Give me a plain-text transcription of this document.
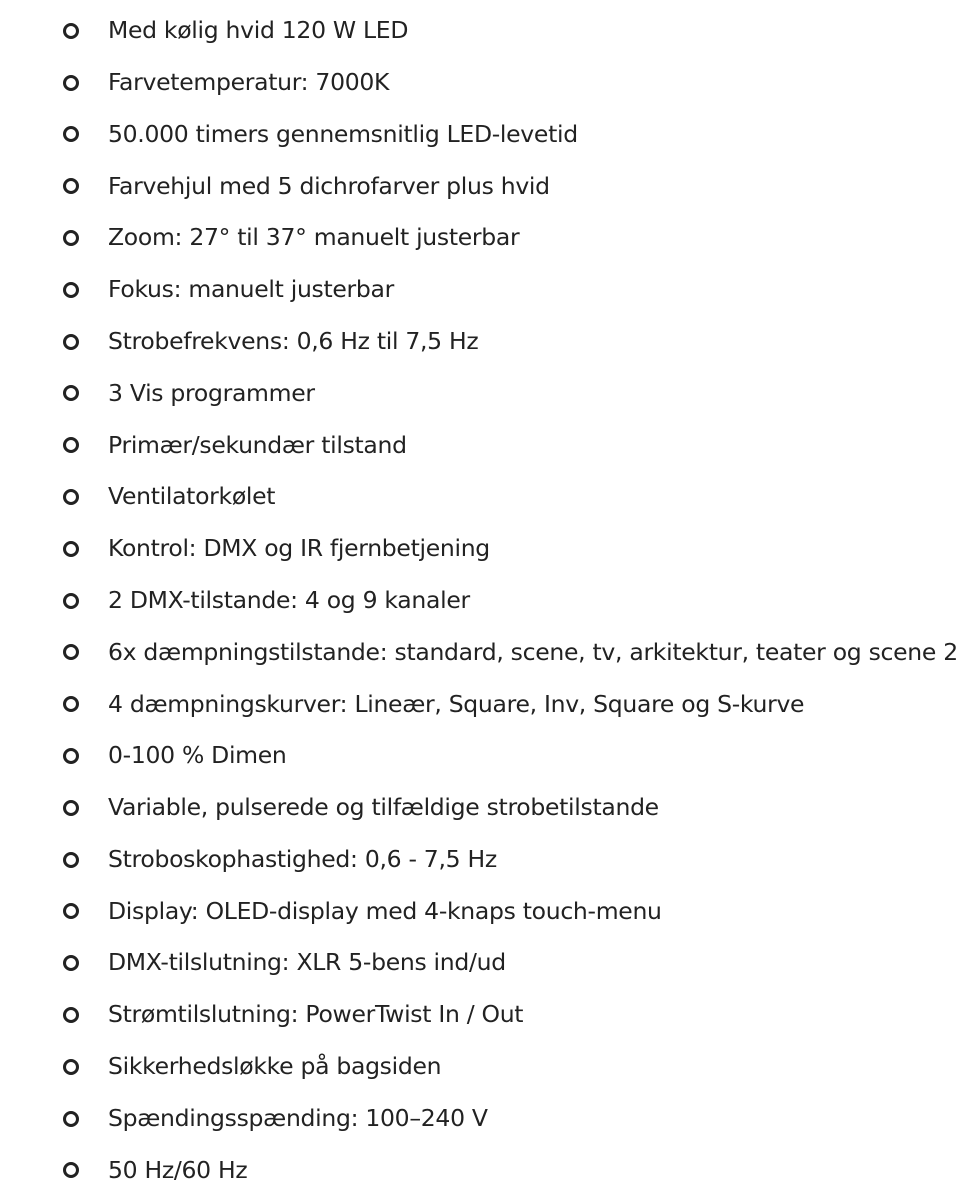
Med kølig hvid 120 W LED
Farvetemperatur: 7000K
50.000 timers gennemsnitlig LED-levetid
Farvehjul med 5 dichrofarver plus hvid
Zoom: 27° til 37° manuelt justerbar
Fokus: manuelt justerbar
Strobefrekvens: 0,6 Hz til 7,5 Hz
3 Vis programmer
Primær/sekundær tilstand
Ventilatorkølet
Kontrol: DMX og IR fjernbetjening
2 DMX-tilstande: 4 og 9 kanaler
6x dæmpningstilstande: standard, scene, tv, arkitektur, teater og scene 2
4 dæmpningskurver: Lineær, Square, Inv, Square og S-kurve
0-100 % Dimen
Variable, pulserede og tilfældige strobetilstande
Stroboskophastighed: 0,6 - 7,5 Hz
Display: OLED-display med 4-knaps touch-menu
DMX-tilslutning: XLR 5-bens ind/ud
Strømtilslutning: PowerTwist In / Out
Sikkerhedsløkke på bagsiden
Spændingsspænding: 100–240 V
50 Hz/60 Hz
